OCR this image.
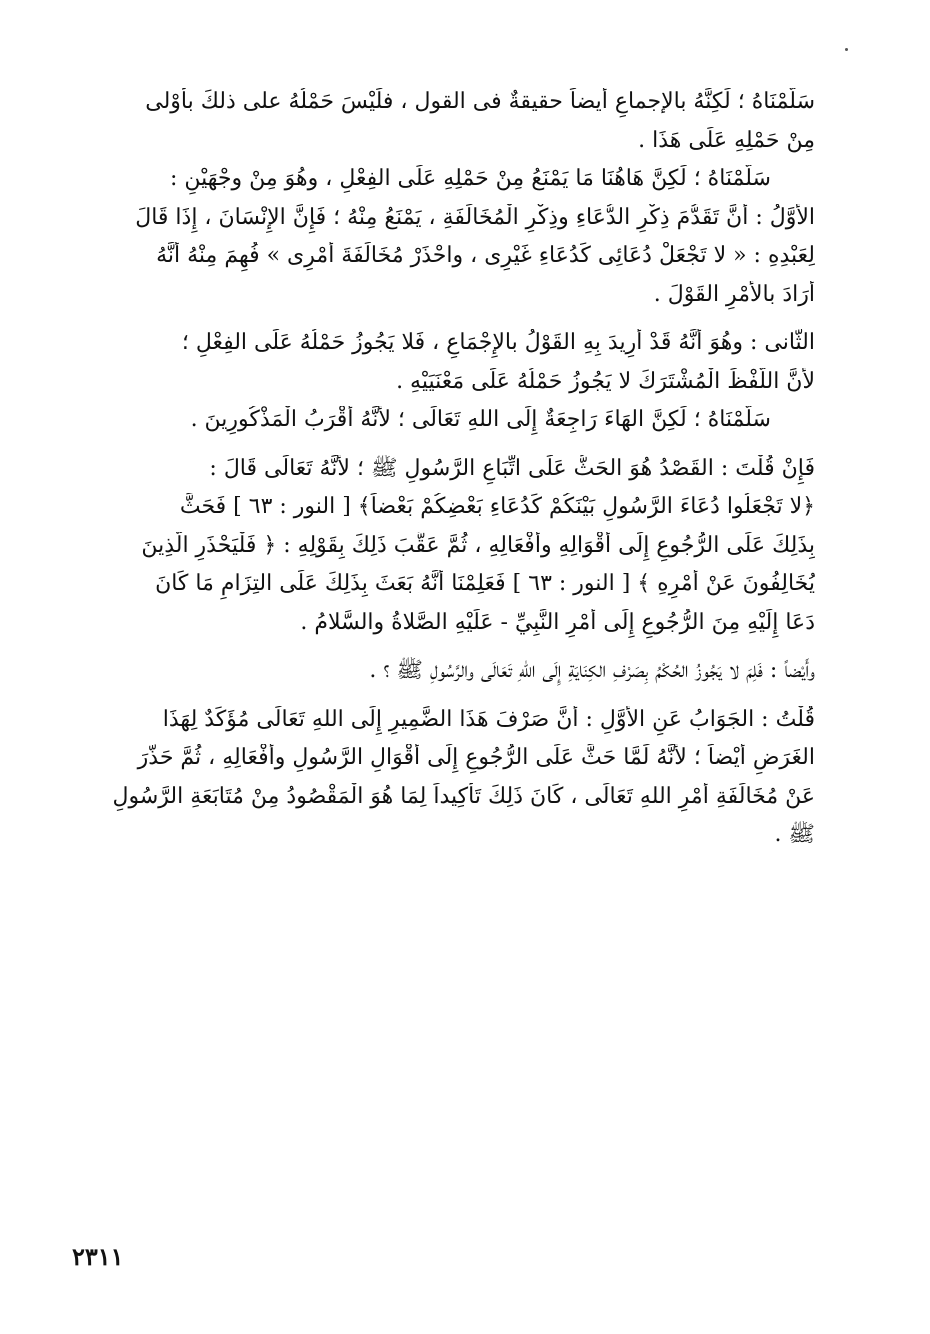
سَلَّمْنَاهُ ؛ لَكِنَّهُ بالإجماعِ أيضاً حقيقةٌ فى القول ، فلَيْسَ حَمْلُهُ على ذلكَ بأَوْلى
مِنْ حَمْلِهِ عَلَى هَذَا .
سَلَّمْنَاهُ ؛ لَكِنَّ هَاهُنَا مَا يَمْنَعُ مِنْ حَمْلِهِ عَلَى الفِعْلِ ، وهُوَ مِنْ وجْهَيْنِ :
الأَوَّلُ : أَنَّ تَقَدُّمَ ذِكْرِ الدُّعَاءِ وذِكْرِ الْمُخَالَفَةِ ، يَمْنَعُ مِنْهُ ؛ فَإِنَّ الإِنْسَانَ ، إِذَا قَالَ
لِعَبْدِهِ : « لا تَجْعَلْ دُعَائِى كَدُعَاءِ غَيْرِى ، واحْذَرْ مُخَالَفَةَ أَمْرِى » فُهِمَ مِنْهُ أَنَّهُ
أَرَادَ بالأَمْرِ القَوْلَ .
الثَّانى : وهُوَ أَنَّهُ قَدْ أُرِيدَ بِهِ القَوْلُ بالإِجْمَاعِ ، فَلا يَجُوزُ حَمْلُهُ عَلَى الفِعْلِ ؛
لأَنَّ اللَّفْظَ الْمُشْتَرَكَ لا يَجُوزُ حَمْلُهُ عَلَى مَعْنَيَيْهِ .
سَلَّمْنَاهُ ؛ لَكِنَّ الهَاءَ رَاجِعَةٌ إِلَى اللهِ تَعَالَى ؛ لأَنَّهُ أَقْرَبُ الْمَذْكُورِينَ .
فَإِنْ قُلْتَ : القَصْدُ هُوَ الحَثُّ عَلَى اتِّبَاعِ الرَّسُولِ ﷺ ؛ لأَنَّهُ تَعَالَى قَالَ :
﴿لا تَجْعَلُوا دُعَاءَ الرَّسُولِ بَيْنَكُمْ كَدُعَاءِ بَعْضِكُمْ بَعْضاً﴾ [ النور : ٦٣ ] فَحَثَّ
بِذَلِكَ عَلَى الرُّجُوعِ إِلَى أَقْوَالِهِ وأَفْعَالِهِ ، ثُمَّ عَقَّبَ ذَلِكَ بِقَوْلِهِ : ﴿ فَلْيَحْذَرِ الَّذِينَ
يُخَالِفُونَ عَنْ أَمْرِهِ ﴾ [ النور : ٦٣ ] فَعَلِمْنَا أَنَّهُ بَعَثَ بِذَلِكَ عَلَى التِزَامِ مَا كَانَ
دَعَا إِلَيْهِ مِنَ الرُّجُوعِ إِلَى أَمْرِ النَّبِيِّ - عَلَيْهِ الصَّلاةُ والسَّلامُ .
وأَيْضاً : فَلِمَ لا يَجُوزُ الحُكْمُ بِصَرْفِ الكِنَايَةِ إِلَى اللهِ تَعَالَى والرَّسُولِ ﷺ ؟ .
قُلْتُ : الجَوَابُ عَنِ الأَوَّلِ : أَنَّ صَرْفَ هَذَا الضَّمِيرِ إِلَى اللهِ تَعَالَى مُؤَكِّدٌ لِهَذَا
الغَرَضِ أَيْضاً ؛ لأَنَّهُ لَمَّا حَثَّ عَلَى الرُّجُوعِ إِلَى أَقْوَالِ الرَّسُولِ وأَفْعَالِهِ ، ثُمَّ حَذَّرَ
عَنْ مُخَالَفَةِ أَمْرِ اللهِ تَعَالَى ، كَانَ ذَلِكَ تَأْكِيداً لِمَا هُوَ الْمَقْصُودُ مِنْ مُتَابَعَةِ الرَّسُولِ
ﷺ .
٢٣١١
